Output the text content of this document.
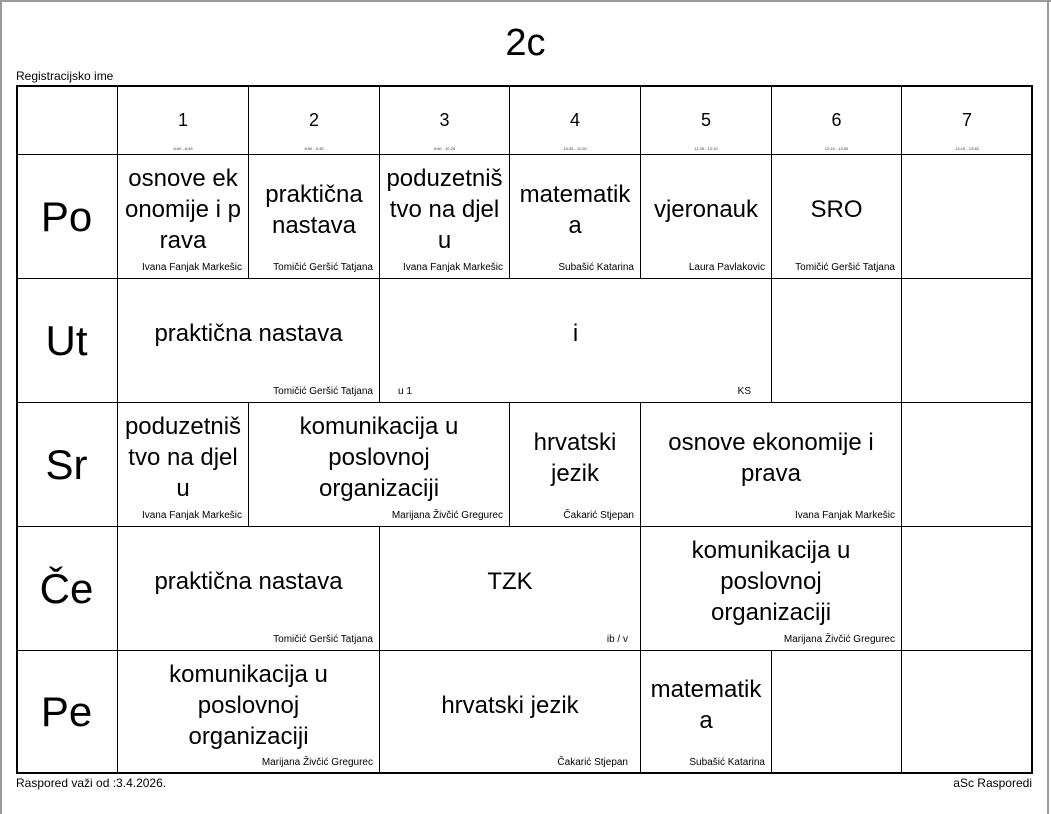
2c
Registracijsko ime
1
8:00 - 8:45
2
8:50 - 9:35
3
9:40 - 10:25
4
10:35 - 11:20
5
11:25 - 12:10
6
12:15 - 13:00
7
13:15 - 13:45
Po
Ut
Sr
Če
Pe
osnove ekonomije i prava
Ivana Fanjak Markešic
praktična nastava
Tomičić Geršić Tatjana
poduzetništvo na djelu
Ivana Fanjak Markešic
matematika
Subašić Katarina
vjeronauk
Laura Pavlakovic
SRO
Tomičić Geršić Tatjana
praktična nastava
Tomičić Geršić Tatjana
i
u 1	KS
poduzetništvo na djelu
Ivana Fanjak Markešic
komunikacija u poslovnoj organizaciji
Marijana Živčić Gregurec
hrvatski jezik
Čakarić Stjepan
osnove ekonomije i prava
Ivana Fanjak Markešic
praktična nastava
Tomičić Geršić Tatjana
TZK
ib / v
komunikacija u poslovnoj organizaciji
Marijana Živčić Gregurec
komunikacija u poslovnoj organizaciji
Marijana Živčić Gregurec
hrvatski jezik
Čakarić Stjepan
matematika
Subašić Katarina
Raspored važi od :3.4.2026.	aSc Rasporedi
